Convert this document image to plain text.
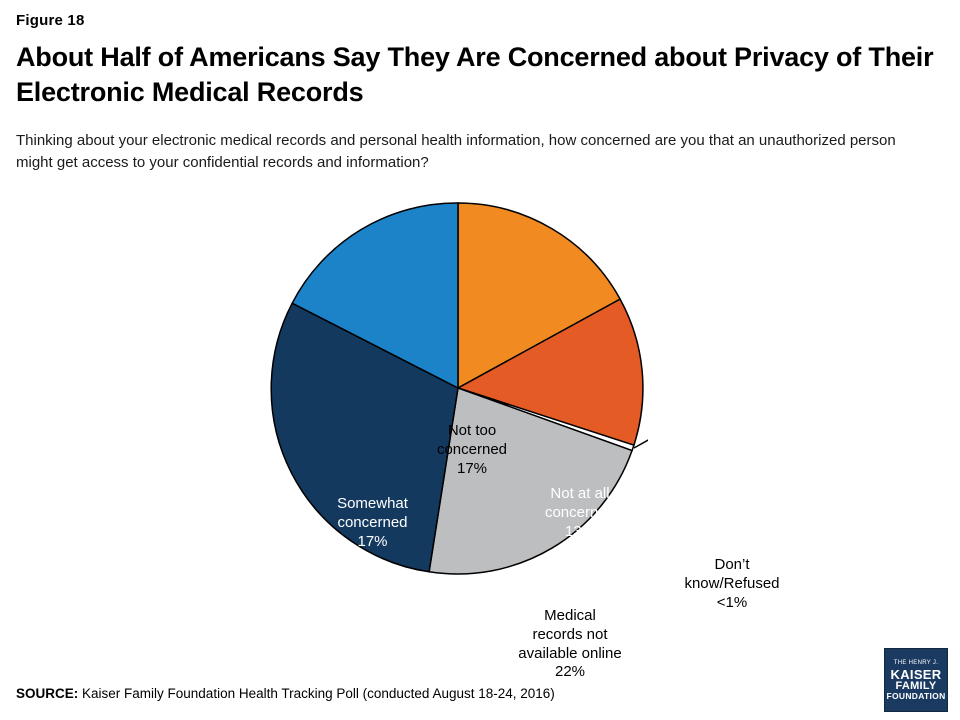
Figure 18
About Half of Americans Say They Are Concerned about Privacy of Their Electronic Medical Records
Thinking about your electronic medical records and personal health information, how concerned are you that an unauthorized person might get access to your confidential records and information?
Not too
concerned
17%
Not at all
concerned
13%
Somewhat
concerned
17%
Very concerned
30%
Medical
records not
available online
22%
Don’t
know/Refused
<1%
SOURCE: Kaiser Family Foundation Health Tracking Poll (conducted August 18-24, 2016)
THE HENRY J.
KAISER
FAMILY
FOUNDATION
